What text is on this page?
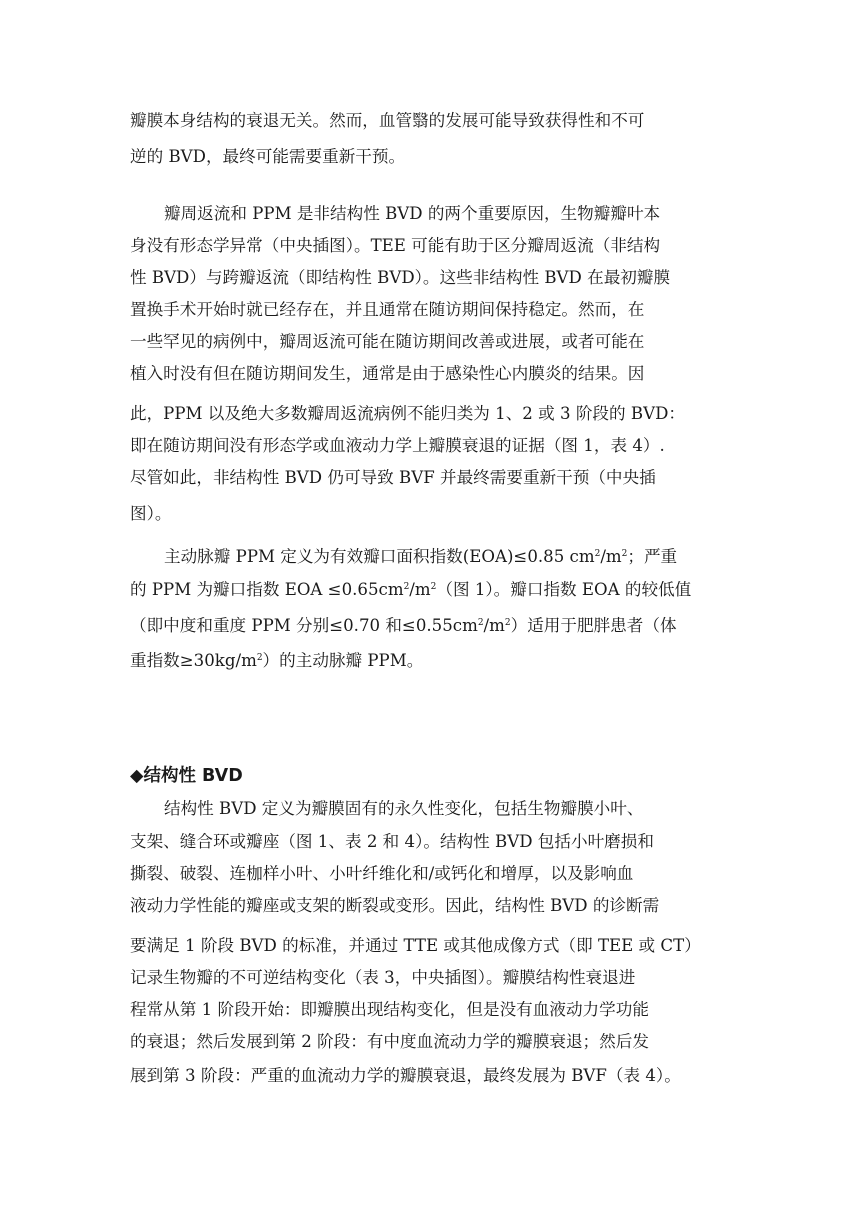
瓣膜本身结构的衰退无关。然而，血管翳的发展可能导致获得性和不可

逆的 BVD，最终可能需要重新干预。

瓣周返流和 PPM 是非结构性 BVD 的两个重要原因，生物瓣瓣叶本

身没有形态学异常（中央插图）。TEE 可能有助于区分瓣周返流（非结构

性 BVD）与跨瓣返流（即结构性 BVD）。这些非结构性 BVD 在最初瓣膜

置换手术开始时就已经存在，并且通常在随访期间保持稳定。然而，在

一些罕见的病例中，瓣周返流可能在随访期间改善或进展，或者可能在

植入时没有但在随访期间发生，通常是由于感染性心内膜炎的结果。因

此，PPM 以及绝大多数瓣周返流病例不能归类为 1、2 或 3 阶段的 BVD：

即在随访期间没有形态学或血液动力学上瓣膜衰退的证据（图 1，表 4）.

尽管如此，非结构性 BVD 仍可导致 BVF 并最终需要重新干预（中央插

图）。

主动脉瓣 PPM 定义为有效瓣口面积指数(EOA)≤0.85 $cm^2/m^2$；严重

的 PPM 为瓣口指数 EOA $\le 0.65cm^2/m^2$（图 1）。瓣口指数 EOA 的较低值

（即中度和重度 PPM 分别≤0.70 和$\le 0.55cm^2/m^2$）适用于肥胖患者（体

重指数$\ge 30kg/m^2$）的主动脉瓣 PPM。

◆结构性 BVD

结构性 BVD 定义为瓣膜固有的永久性变化，包括生物瓣膜小叶、

支架、缝合环或瓣座（图 1、表 2 和 4）。结构性 BVD 包括小叶磨损和

撕裂、破裂、连枷样小叶、小叶纤维化和/或钙化和增厚，以及影响血

液动力学性能的瓣座或支架的断裂或变形。因此，结构性 BVD 的诊断需

要满足 1 阶段 BVD 的标准，并通过 TTE 或其他成像方式（即 TEE 或 CT）

记录生物瓣的不可逆结构变化（表 3，中央插图）。瓣膜结构性衰退进

程常从第 1 阶段开始：即瓣膜出现结构变化，但是没有血液动力学功能

的衰退；然后发展到第 2 阶段：有中度血流动力学的瓣膜衰退；然后发

展到第 3 阶段：严重的血流动力学的瓣膜衰退，最终发展为 BVF（表 4）。
